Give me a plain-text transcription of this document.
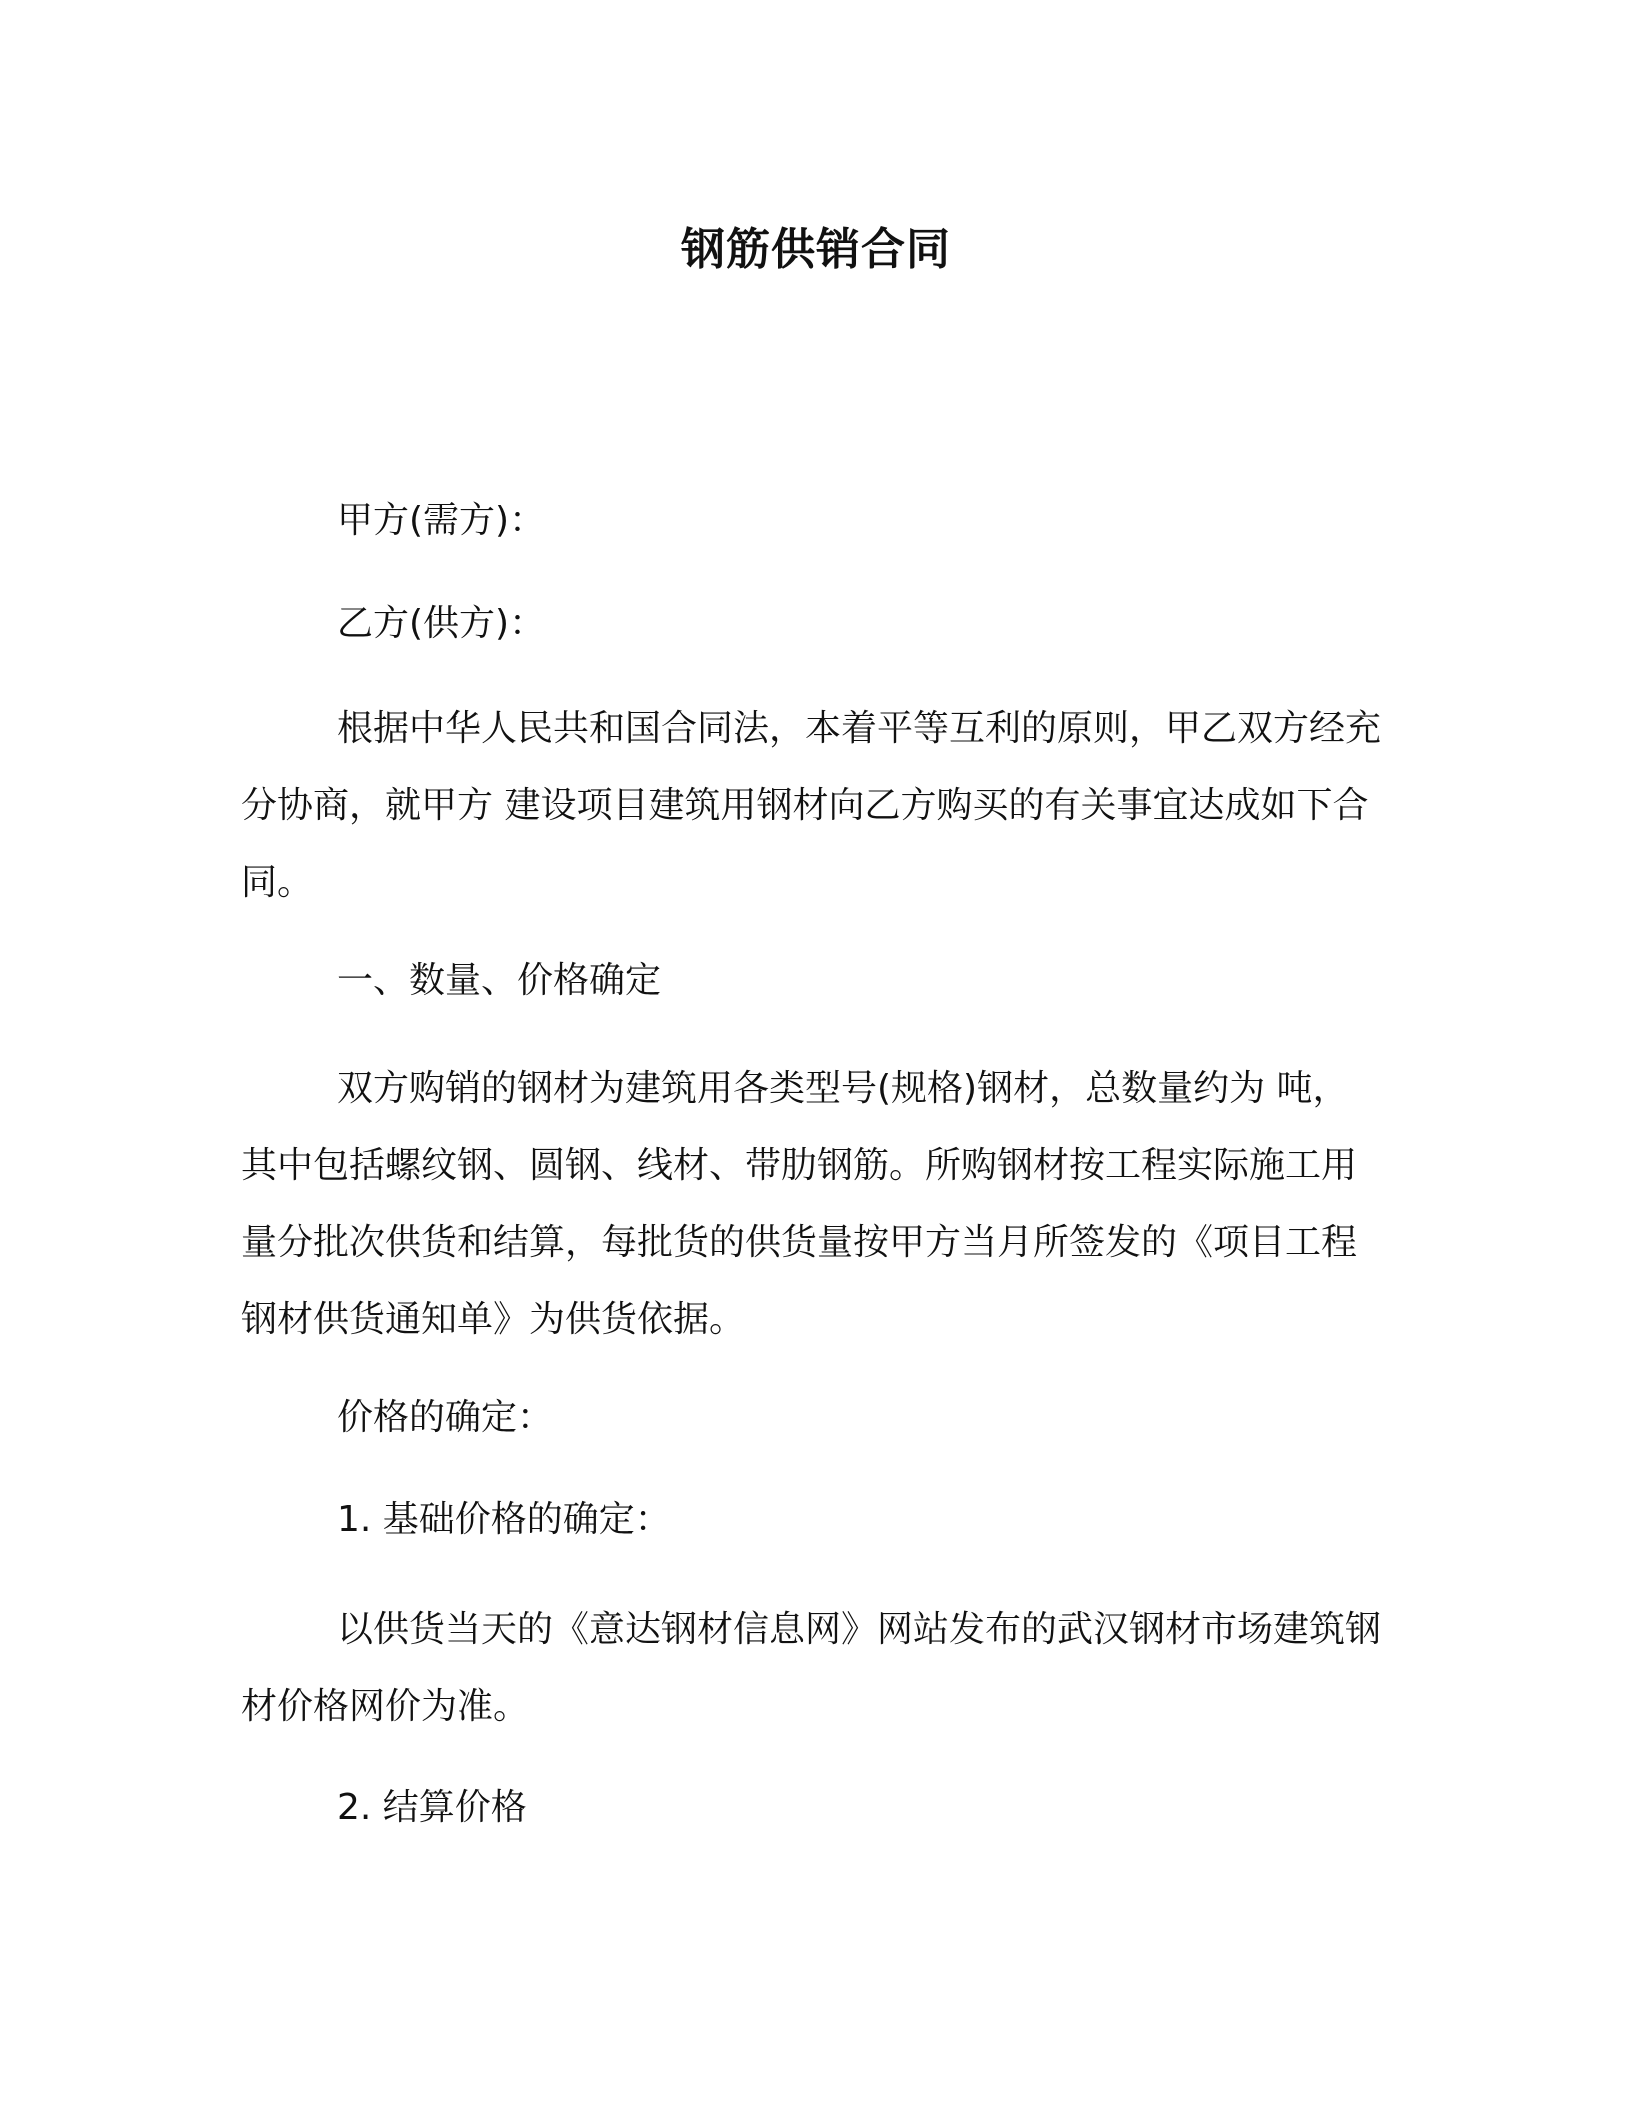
钢筋供销合同
甲方(需方)：
乙方(供方)：

根据中华人民共和国合同法，本着平等互利的原则，甲乙双方经充分协商，就甲方 建设项目建筑用钢材向乙方购买的有关事宜达成如下合同。

一、数量、价格确定

双方购销的钢材为建筑用各类型号(规格)钢材，总数量约为 吨，其中包括螺纹钢、圆钢、线材、带肋钢筋。所购钢材按工程实际施工用量分批次供货和结算，每批货的供货量按甲方当月所签发的《项目工程钢材供货通知单》为供货依据。

价格的确定：
1. 基础价格的确定：

以供货当天的《意达钢材信息网》网站发布的武汉钢材市场建筑钢材价格网价为准。

2. 结算价格
